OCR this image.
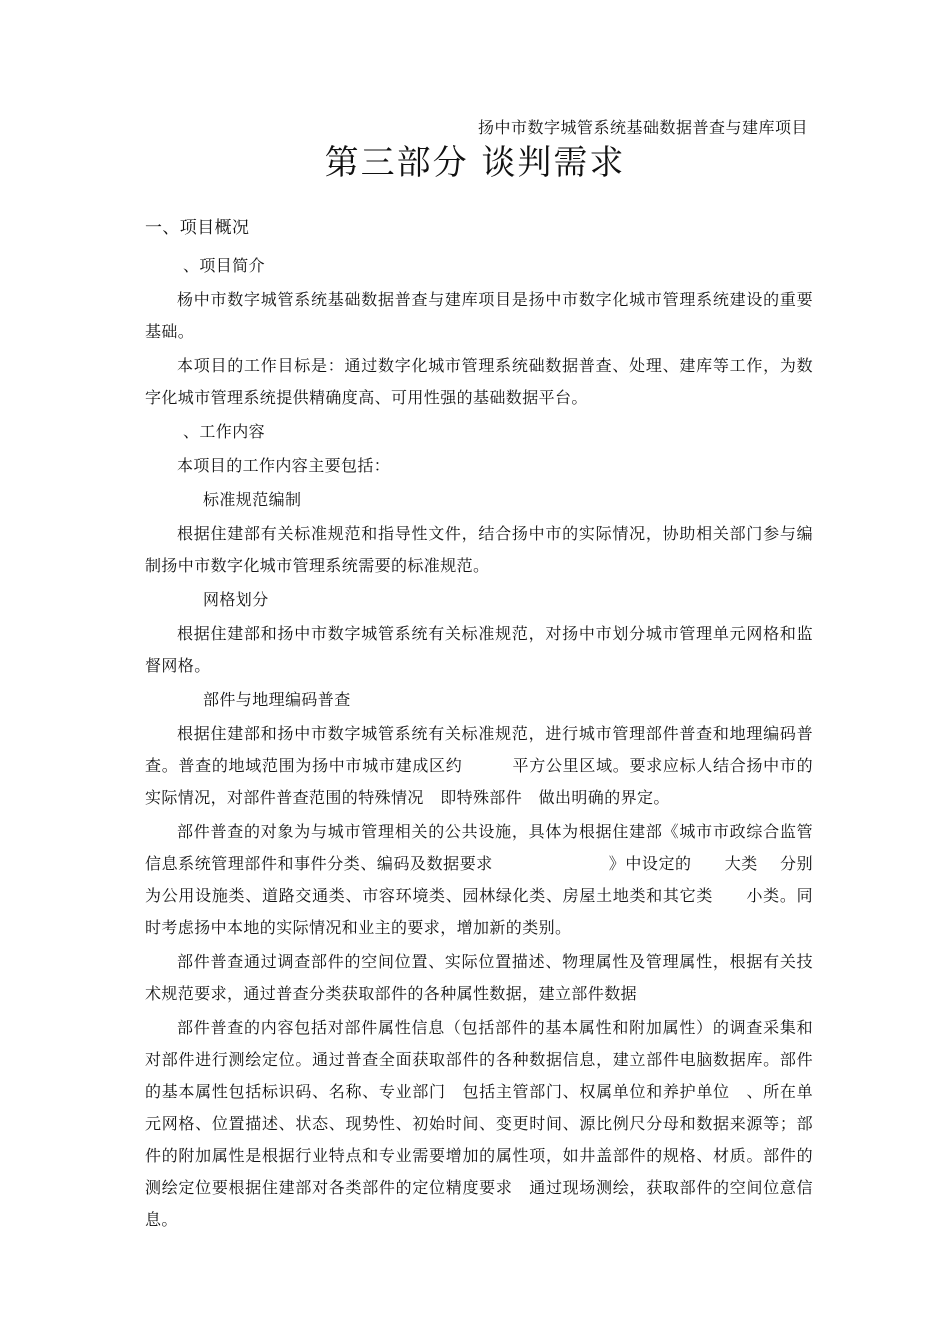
扬中市数字城管系统基础数据普查与建库项目
第三部分 谈判需求

一、项目概况

、项目简介

杨中市数字城管系统基础数据普查与建库项目是扬中市数字化城市管理系统建设的重要基础。

本项目的工作目标是：通过数字化城市管理系统础数据普查、处理、建库等工作，为数字化城市管理系统提供精确度高、可用性强的基础数据平台。

、工作内容

本项目的工作内容主要包括：

标准规范编制

根据住建部有关标准规范和指导性文件，结合扬中市的实际情况，协助相关部门参与编制扬中市数字化城市管理系统需要的标准规范。

网格划分

根据住建部和扬中市数字城管系统有关标准规范，对扬中市划分城市管理单元网格和监督网格。

部件与地理编码普查

根据住建部和扬中市数字城管系统有关标准规范，进行城市管理部件普查和地理编码普查。普查的地域范围为扬中市城市建成区约　　　平方公里区域。要求应标人结合扬中市的实际情况，对部件普查范围的特殊情况　即特殊部件　做出明确的界定。

部件普查的对象为与城市管理相关的公共设施，具体为根据住建部《城市市政综合监管信息系统管理部件和事件分类、编码及数据要求　　　　　　　》中设定的　　大类　 分别为公用设施类、道路交通类、市容环境类、园林绿化类、房屋土地类和其它类　　小类。同时考虑扬中本地的实际情况和业主的要求，增加新的类别。

部件普查通过调查部件的空间位置、实际位置描述、物理属性及管理属性，根据有关技术规范要求，通过普查分类获取部件的各种属性数据，建立部件数据

部件普查的内容包括对部件属性信息（包括部件的基本属性和附加属性）的调查采集和对部件进行测绘定位。通过普查全面获取部件的各种数据信息，建立部件电脑数据库。部件的基本属性包括标识码、名称、专业部门　包括主管部门、权属单位和养护单位　、所在单元网格、位置描述、状态、现势性、初始时间、变更时间、源比例尺分母和数据来源等；部件的附加属性是根据行业特点和专业需要增加的属性项，如井盖部件的规格、材质。部件的测绘定位要根据住建部对各类部件的定位精度要求　通过现场测绘，获取部件的空间位意信息。
